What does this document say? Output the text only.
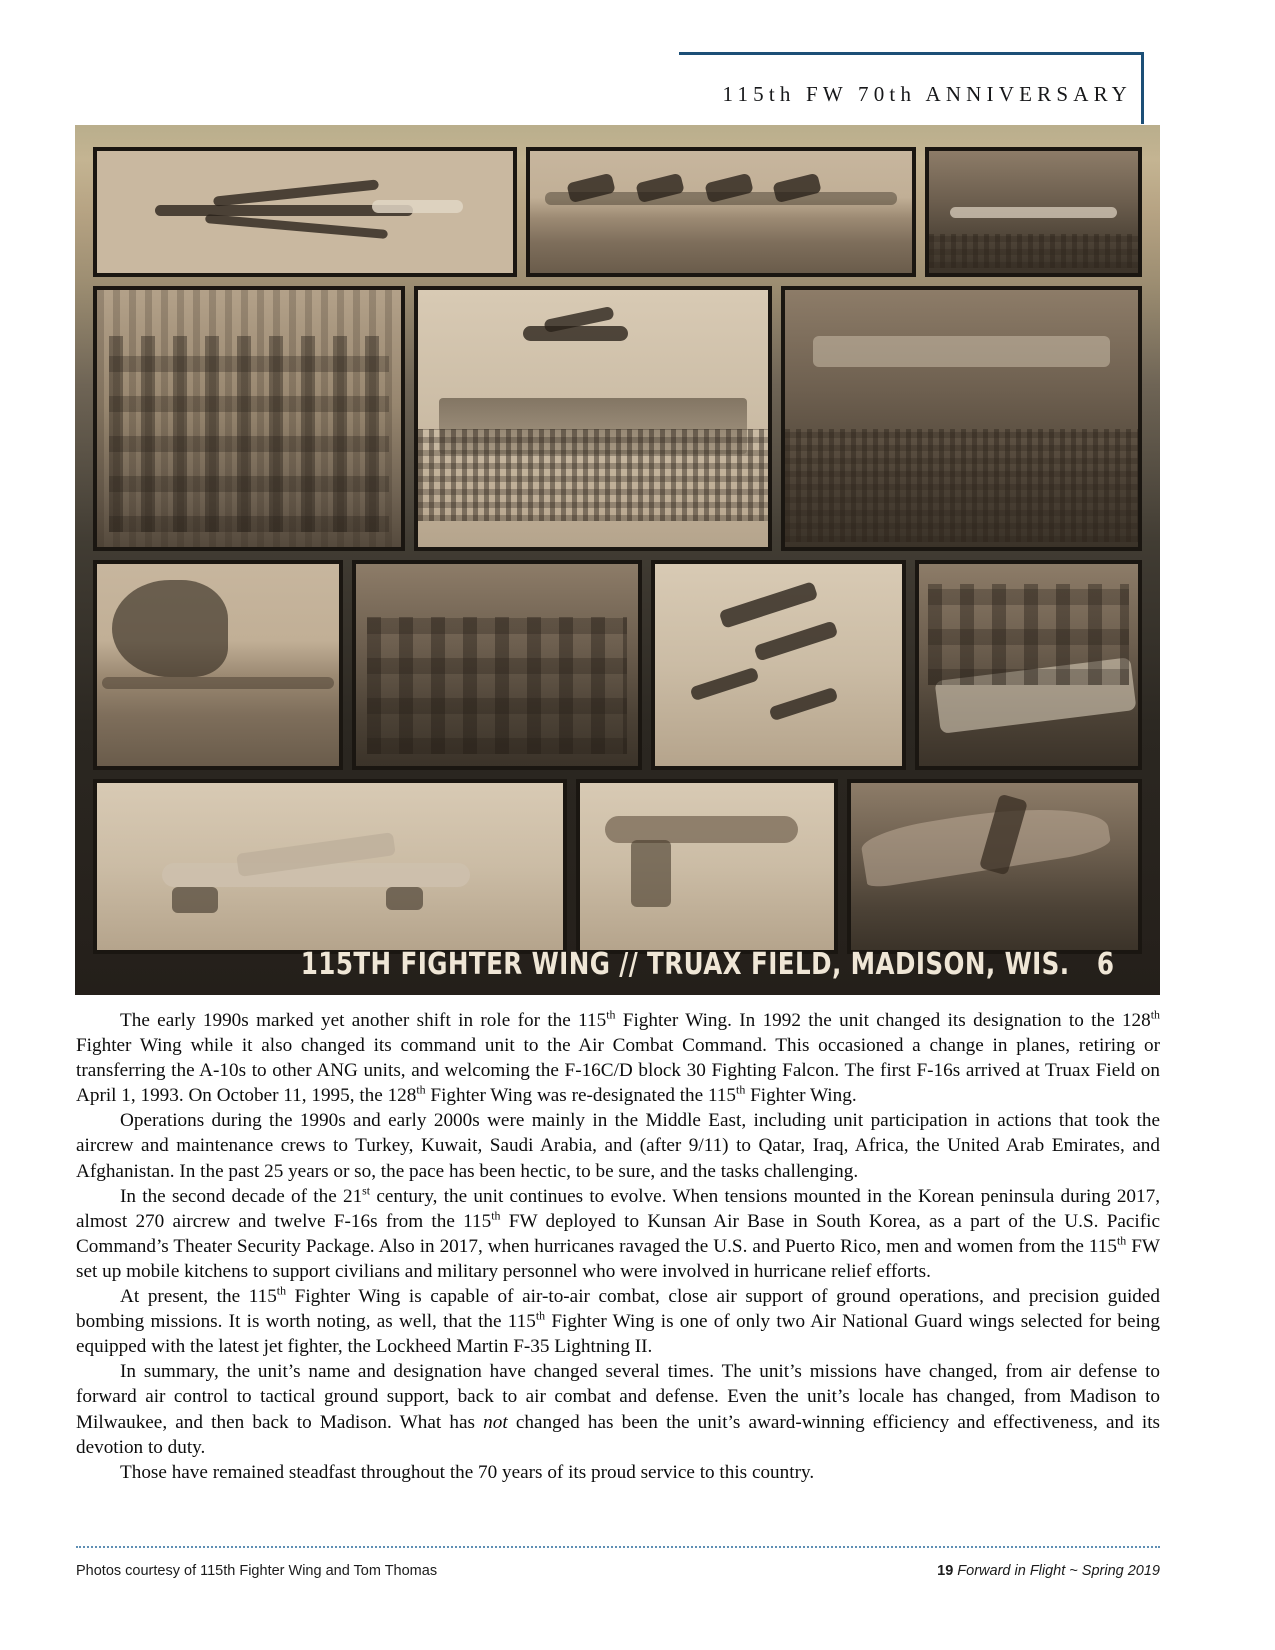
115th FW 70th ANNIVERSARY
115TH FIGHTER WING // TRUAX FIELD, MADISON, WIS. 6

The early 1990s marked yet another shift in role for the 115th Fighter Wing. In 1992 the unit changed its designation to the 128th Fighter Wing while it also changed its command unit to the Air Combat Command. This occasioned a change in planes, retiring or transferring the A-10s to other ANG units, and welcoming the F-16C/D block 30 Fighting Falcon. The first F-16s arrived at Truax Field on April 1, 1993. On October 11, 1995, the 128th Fighter Wing was re-designated the 115th Fighter Wing.

Operations during the 1990s and early 2000s were mainly in the Middle East, including unit participation in actions that took the aircrew and maintenance crews to Turkey, Kuwait, Saudi Arabia, and (after 9/11) to Qatar, Iraq, Africa, the United Arab Emirates, and Afghanistan. In the past 25 years or so, the pace has been hectic, to be sure, and the tasks challenging.

In the second decade of the 21st century, the unit continues to evolve. When tensions mounted in the Korean peninsula during 2017, almost 270 aircrew and twelve F-16s from the 115th FW deployed to Kunsan Air Base in South Korea, as a part of the U.S. Pacific Command’s Theater Security Package. Also in 2017, when hurricanes ravaged the U.S. and Puerto Rico, men and women from the 115th FW set up mobile kitchens to support civilians and military personnel who were involved in hurricane relief efforts.

At present, the 115th Fighter Wing is capable of air-to-air combat, close air support of ground operations, and precision guided bombing missions. It is worth noting, as well, that the 115th Fighter Wing is one of only two Air National Guard wings selected for being equipped with the latest jet fighter, the Lockheed Martin F-35 Lightning II.

In summary, the unit’s name and designation have changed several times. The unit’s missions have changed, from air defense to forward air control to tactical ground support, back to air combat and defense. Even the unit’s locale has changed, from Madison to Milwaukee, and then back to Madison. What has not changed has been the unit’s award-winning efficiency and effectiveness, and its devotion to duty.

Those have remained steadfast throughout the 70 years of its proud service to this country.

Photos courtesy of 115th Fighter Wing and Tom Thomas	19 Forward in Flight ~ Spring 2019
